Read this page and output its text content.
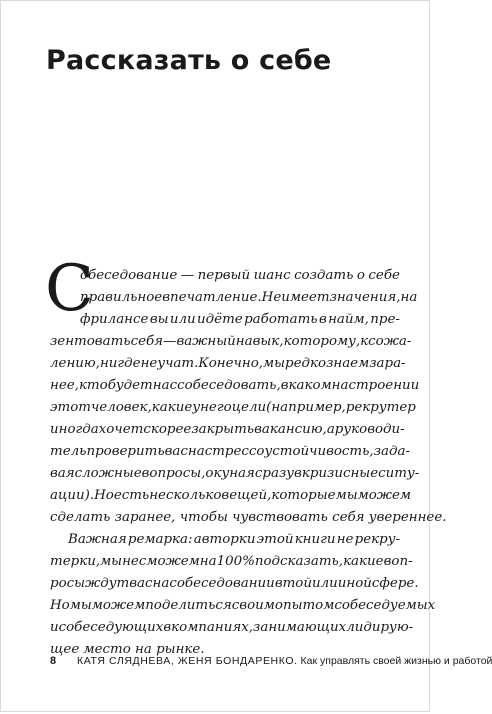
Рассказать о себе
С
обеседование — первый шанс создать о себе
правильное впечатление. Не имеет значения, на
фрилансе вы или идёте работать в найм, пре-
зентовать себя — важный навык, которому, к сожа-
лению, нигде не учат. Конечно, мы редко знаем зара-
нее, кто будет нас собеседовать, в каком настроении
этот человек, какие у него цели (например, рекрутер
иногда хочет скорее закрыть вакансию, а руководи-
тель проверить вас на стрессоустойчивость, зада-
вая сложные вопросы, окуная сразу в кризисные ситу-
ации). Но есть несколько вещей, которые мы можем
сделать заранее, чтобы чувствовать себя увереннее.
Важная ремарка: авторки этой книги не рекру-
терки, мы не сможем на 100% подсказать, какие воп-
росы ждут вас на собеседовании в той или иной сфере.
Но мы можем поделиться своим опытом собеседуемых
и собеседующих в компаниях, занимающих лидирую-
щее место на рынке.
8 КАТЯ СЛЯДНЕВА, ЖЕНЯ БОНДАРЕНКО. Как управлять своей жизнью и работой
